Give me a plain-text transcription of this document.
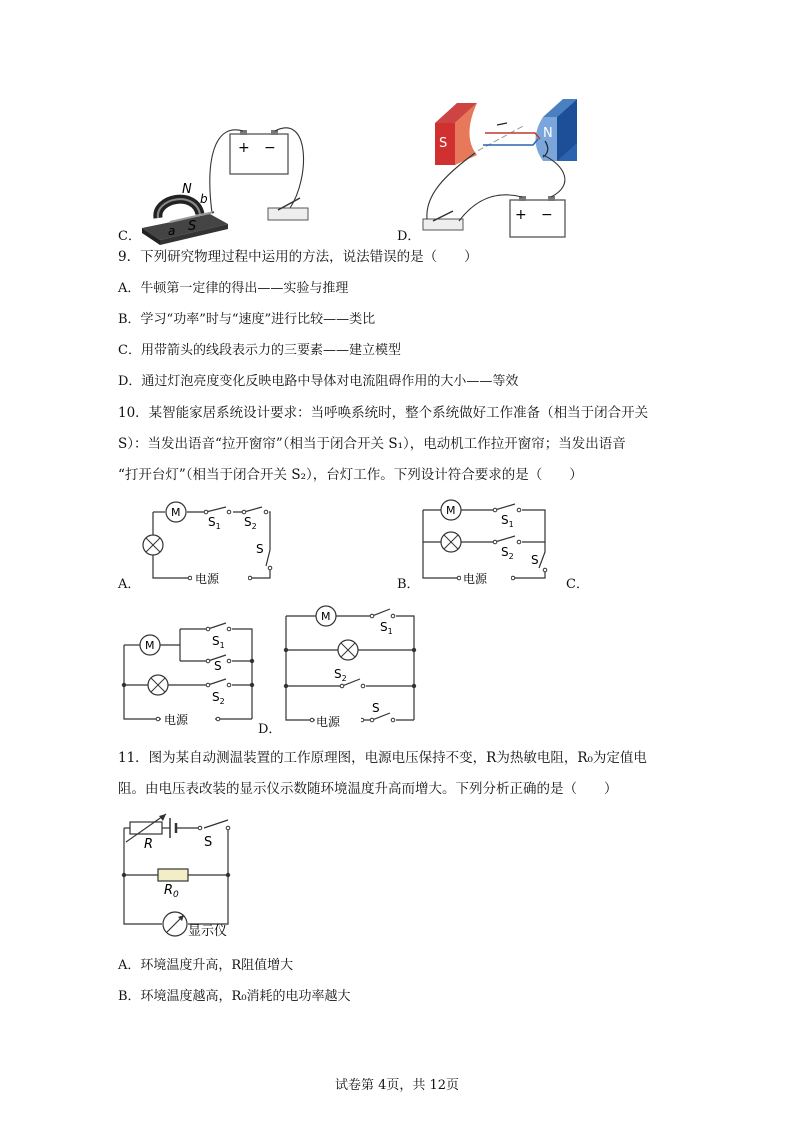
C．
+ −
N
b
S
a	D．
S
N
+ −
9．下列研究物理过程中运用的方法，说法错误的是（　　）
A．牛顿第一定律的得出——实验与推理
B．学习“功率”时与“速度”进行比较——类比
C．用带箭头的线段表示力的三要素——建立模型
D．通过灯泡亮度变化反映电路中导体对电流阻碍作用的大小——等效
10．某智能家居系统设计要求：当呼唤系统时，整个系统做好工作准备（相当于闭合开关
S）：当发出语音“拉开窗帘”（相当于闭合开关 S₁），电动机工作拉开窗帘；当发出语音
“打开台灯”（相当于闭合开关 S₂），台灯工作。下列设计符合要求的是（　　）
A．
M
$S_1$ $S_2$
S
电源	B．
M
$S_1$
$S_2$ S
电源	C．
M	$S_1$
S
$S_2$
电源
D．
M
$S_1$
$S_2$
S
电源
11．图为某自动测温装置的工作原理图，电源电压保持不变，R为热敏电阻，R₀为定值电
阻。由电压表改装的显示仪示数随环境温度升高而增大。下列分析正确的是（　　）
R	S
$R_0$
显示仪
A．环境温度升高，R阻值增大
B．环境温度越高，R₀消耗的电功率越大
试卷第 4页，共 12页
